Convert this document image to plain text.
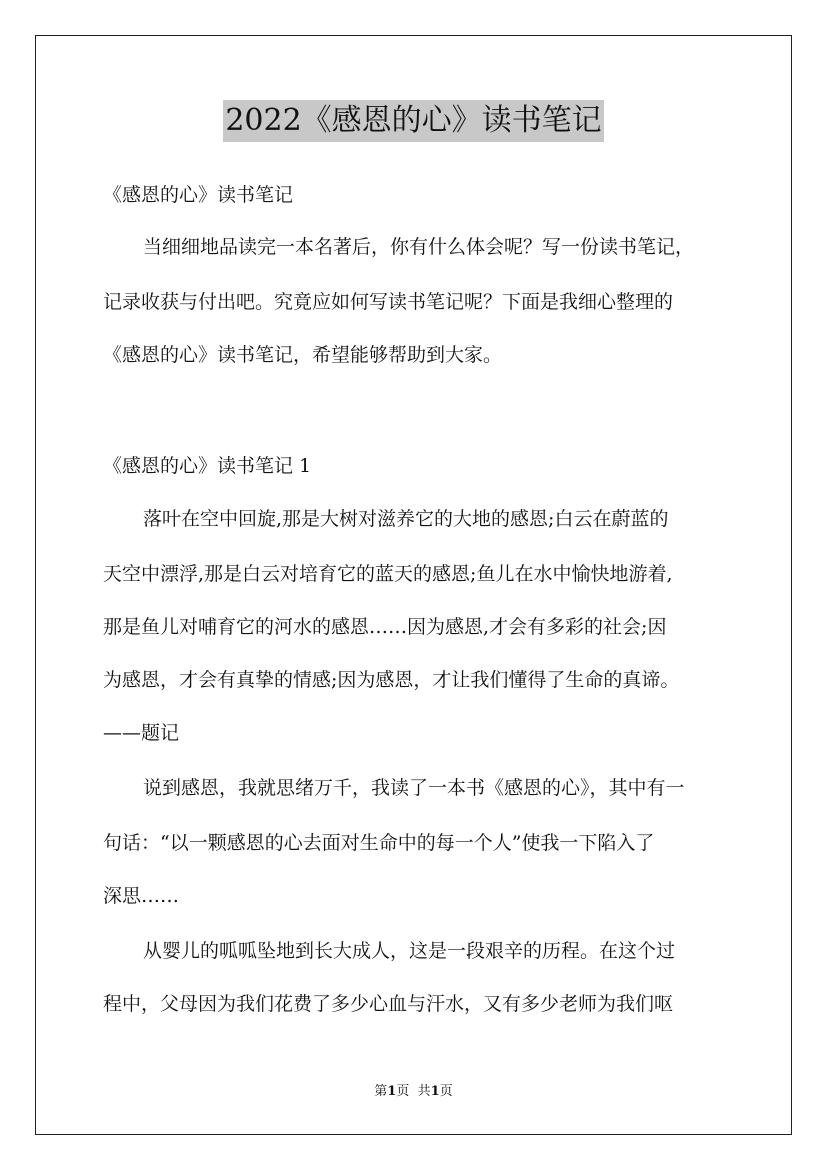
2022《感恩的心》读书笔记
《感恩的心》读书笔记
当细细地品读完一本名著后，你有什么体会呢？写一份读书笔记，
记录收获与付出吧。究竟应如何写读书笔记呢？下面是我细心整理的
《感恩的心》读书笔记，希望能够帮助到大家。
《感恩的心》读书笔记 1
落叶在空中回旋,那是大树对滋养它的大地的感恩;白云在蔚蓝的
天空中漂浮,那是白云对培育它的蓝天的感恩;鱼儿在水中愉快地游着,
那是鱼儿对哺育它的河水的感恩……因为感恩,才会有多彩的社会;因
为感恩，才会有真挚的情感;因为感恩，才让我们懂得了生命的真谛。
——题记
说到感恩，我就思绪万千，我读了一本书《感恩的心》，其中有一
句话：“以一颗感恩的心去面对生命中的每一个人”使我一下陷入了
深思……
从婴儿的呱呱坠地到长大成人，这是一段艰辛的历程。在这个过
程中，父母因为我们花费了多少心血与汗水，又有多少老师为我们呕
第1页 共1页
